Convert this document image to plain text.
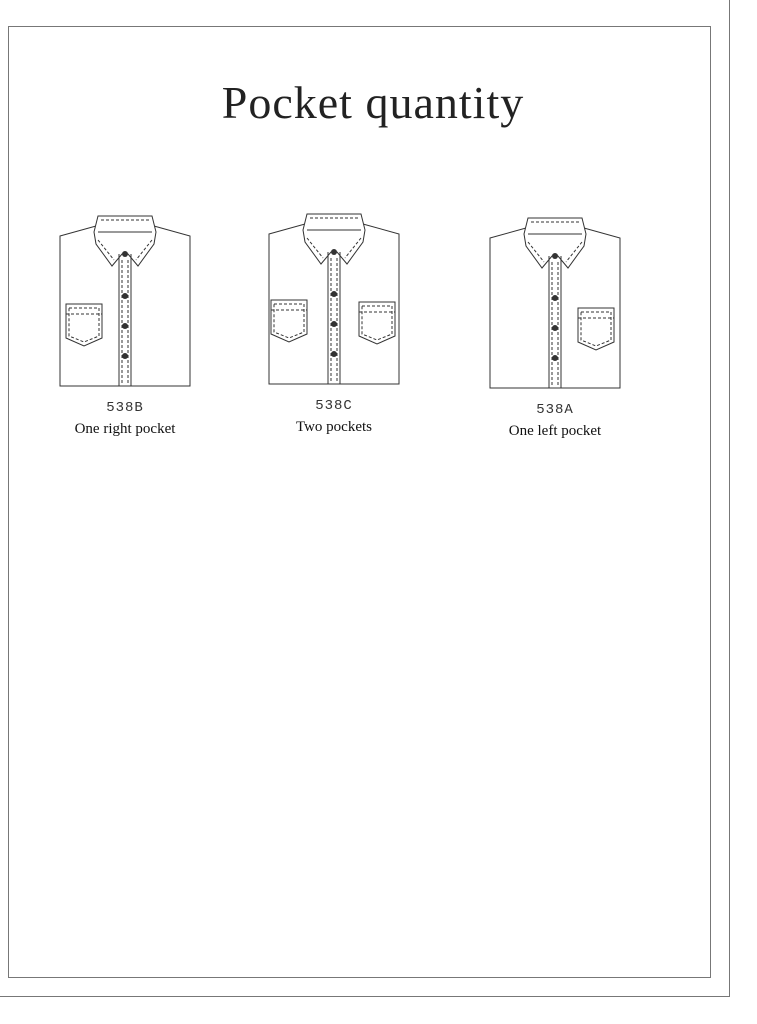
Pocket quantity
538B
One right pocket
538C
Two pockets
538A
One left pocket
